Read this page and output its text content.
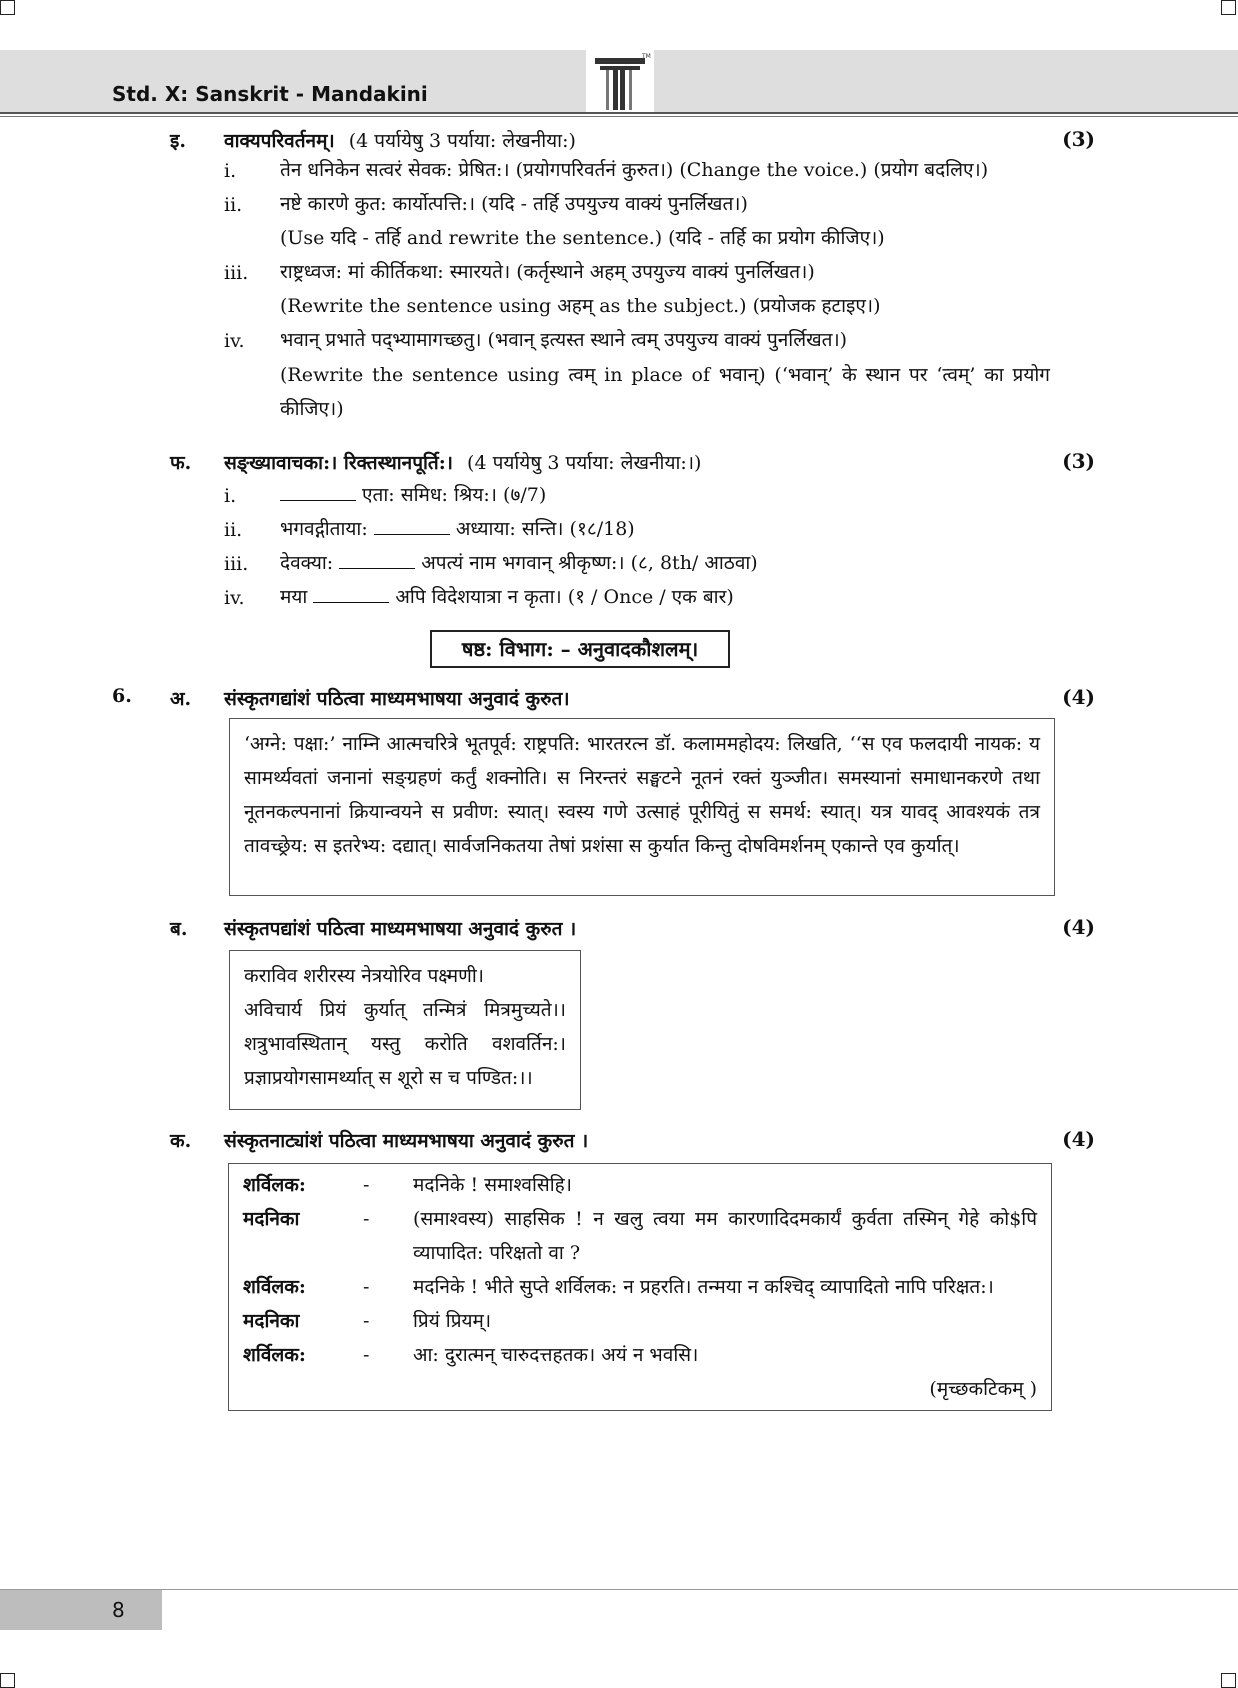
Std. X: Sanskrit - Mandakini
TM
इ. वाक्यपरिवर्तनम्। (4 पर्यायेषु 3 पर्याया: लेखनीया:)	(3)
i. तेन धनिकेन सत्वरं सेवक: प्रेषित:। (प्रयोगपरिवर्तनं कुरुत।) (Change the voice.) (प्रयोग बदलिए।)
ii. नष्टे कारणे कुत: कार्योत्पत्ति:। (यदि - तर्हि उपयुज्य वाक्यं पुनर्लिखत।)
(Use यदि - तर्हि and rewrite the sentence.) (यदि - तर्हि का प्रयोग कीजिए।)
iii. राष्ट्रध्वज: मां कीर्तिकथा: स्मारयते। (कर्तृस्थाने अहम् उपयुज्य वाक्यं पुनर्लिखत।)
(Rewrite the sentence using अहम् as the subject.) (प्रयोजक हटाइए।)
iv. भवान् प्रभाते पद्भ्यामागच्छतु। (भवान् इत्यस्त स्थाने त्वम् उपयुज्य वाक्यं पुनर्लिखत।)
(Rewrite the sentence using त्वम् in place of भवान्) (‘भवान्’ के स्थान पर ‘त्वम्’ का प्रयोग कीजिए।)
फ. सङ्ख्यावाचका:। रिक्तस्थानपूर्ति:। (4 पर्यायेषु 3 पर्याया: लेखनीया:।)	(3)
i.	एता: समिध: श्रिय:। (७/7)
ii. भगवद्गीताया:	अध्याया: सन्ति। (१८/18)
iii. देवक्या:	अपत्यं नाम भगवान् श्रीकृष्ण:। (८, 8th/ आठवा)
iv. मया	अपि विदेशयात्रा न कृता। (१ / Once / एक बार)
षष्ठ: विभाग: – अनुवादकौशलम्।
6. अ. संस्कृतगद्यांशं पठित्वा माध्यमभाषया अनुवादं कुरुत।	(4)
‘अग्ने: पक्षा:’ नाम्नि आत्मचरित्रे भूतपूर्व: राष्ट्रपति: भारतरत्न डॉ. कलाममहोदय: लिखति, ‘‘स एव फलदायी नायक: य सामर्थ्यवतां जनानां सङ्ग्रहणं कर्तुं शक्नोति। स निरन्तरं सङ्घटने नूतनं रक्तं युञ्जीत। समस्यानां समाधानकरणे तथा नूतनकल्पनानां क्रियान्वयने स प्रवीण: स्यात्। स्वस्य गणे उत्साहं पूरीयितुं स समर्थ: स्यात्। यत्र यावद् आवश्यकं तत्र तावच्छ्रेय: स इतरेभ्य: दद्यात्। सार्वजनिकतया तेषां प्रशंसा स कुर्यात किन्तु दोषविमर्शनम् एकान्ते एव कुर्यात्।
ब. संस्कृतपद्यांशं पठित्वा माध्यमभाषया अनुवादं कुरुत ।	(4)
कराविव शरीरस्य नेत्रयोरिव पक्ष्मणी।
अविचार्य प्रियं कुर्यात् तन्मित्रं मित्रमुच्यते।।
शत्रुभावस्थितान् यस्तु करोति वशवर्तिन:।
प्रज्ञाप्रयोगसामर्थ्यात् स शूरो स च पण्डित:।।
क. संस्कृतनाट्यांशं पठित्वा माध्यमभाषया अनुवादं कुरुत ।	(4)
शर्विलक:	-	मदनिके ! समाश्वसिहि।
मदनिका	-	(समाश्वस्य) साहसिक ! न खलु त्वया मम कारणादिदमकार्यं कुर्वता तस्मिन् गेहे को$पि व्यापादित: परिक्षतो वा ?
शर्विलक:	-	मदनिके ! भीते सुप्ते शर्विलक: न प्रहरति। तन्मया न कश्चिद् व्यापादितो नापि परिक्षत:।
मदनिका	-	प्रियं प्रियम्।
शर्विलक:	-	आ: दुरात्मन् चारुदत्तहतक। अयं न भवसि।
(मृच्छकटिकम् )
8
